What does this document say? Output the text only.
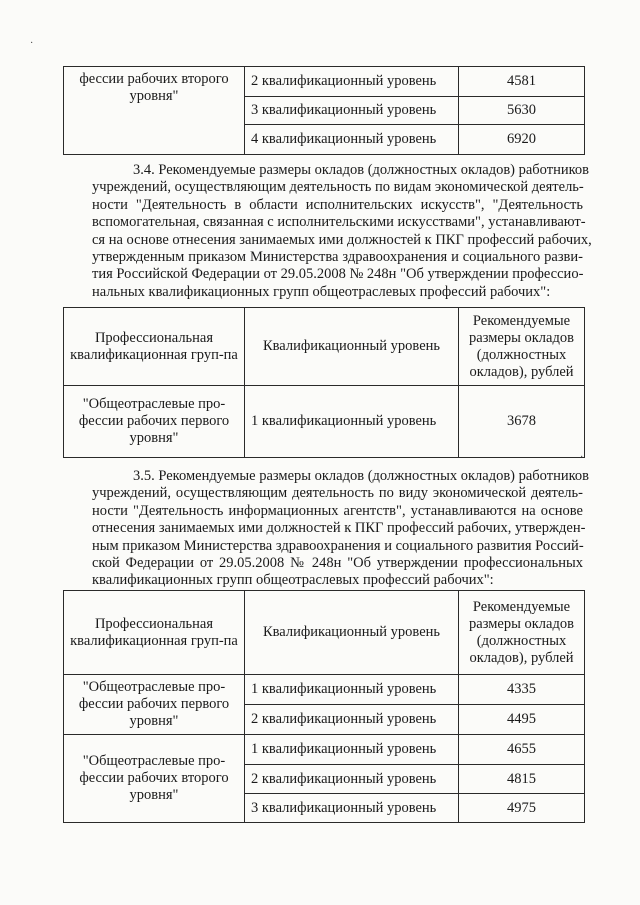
·
фессии рабочих второго уровня"	2 квалификационный уровень	4581
	3 квалификационный уровень	5630
	4 квалификационный уровень	6920
3.4. Рекомендуемые размеры окладов (должностных окладов) работников
учреждений, осуществляющим деятельность по видам экономической деятель-
ности "Деятельность в области исполнительских искусств", "Деятельность
вспомогательная, связанная с исполнительскими искусствами", устанавливают-
ся на основе отнесения занимаемых ими должностей к ПКГ профессий рабочих,
утвержденным приказом Министерства здравоохранения и социального разви-
тия Российской Федерации от 29.05.2008 № 248н "Об утверждении профессио-
нальных квалификационных групп общеотраслевых профессий рабочих":
Профессиональная квалификационная груп-па	Квалификационный уровень	Рекомендуемые размеры окладов (должностных окладов), рублей
"Общеотраслевые про-фессии рабочих первого уровня"	1 квалификационный уровень	3678
·
3.5. Рекомендуемые размеры окладов (должностных окладов) работников
учреждений, осуществляющим деятельность по виду экономической деятель-
ности "Деятельность информационных агентств", устанавливаются на основе
отнесения занимаемых ими должностей к ПКГ профессий рабочих, утвержден-
ным приказом Министерства здравоохранения и социального развития Россий-
ской Федерации от 29.05.2008 № 248н "Об утверждении профессиональных
квалификационных групп общеотраслевых профессий рабочих":
Профессиональная квалификационная груп-па	Квалификационный уровень	Рекомендуемые размеры окладов (должностных окладов), рублей
"Общеотраслевые про-фессии рабочих первого уровня"	1 квалификационный уровень	4335
	2 квалификационный уровень	4495
"Общеотраслевые про-фессии рабочих второго уровня"	1 квалификационный уровень	4655
	2 квалификационный уровень	4815
	3 квалификационный уровень	4975
